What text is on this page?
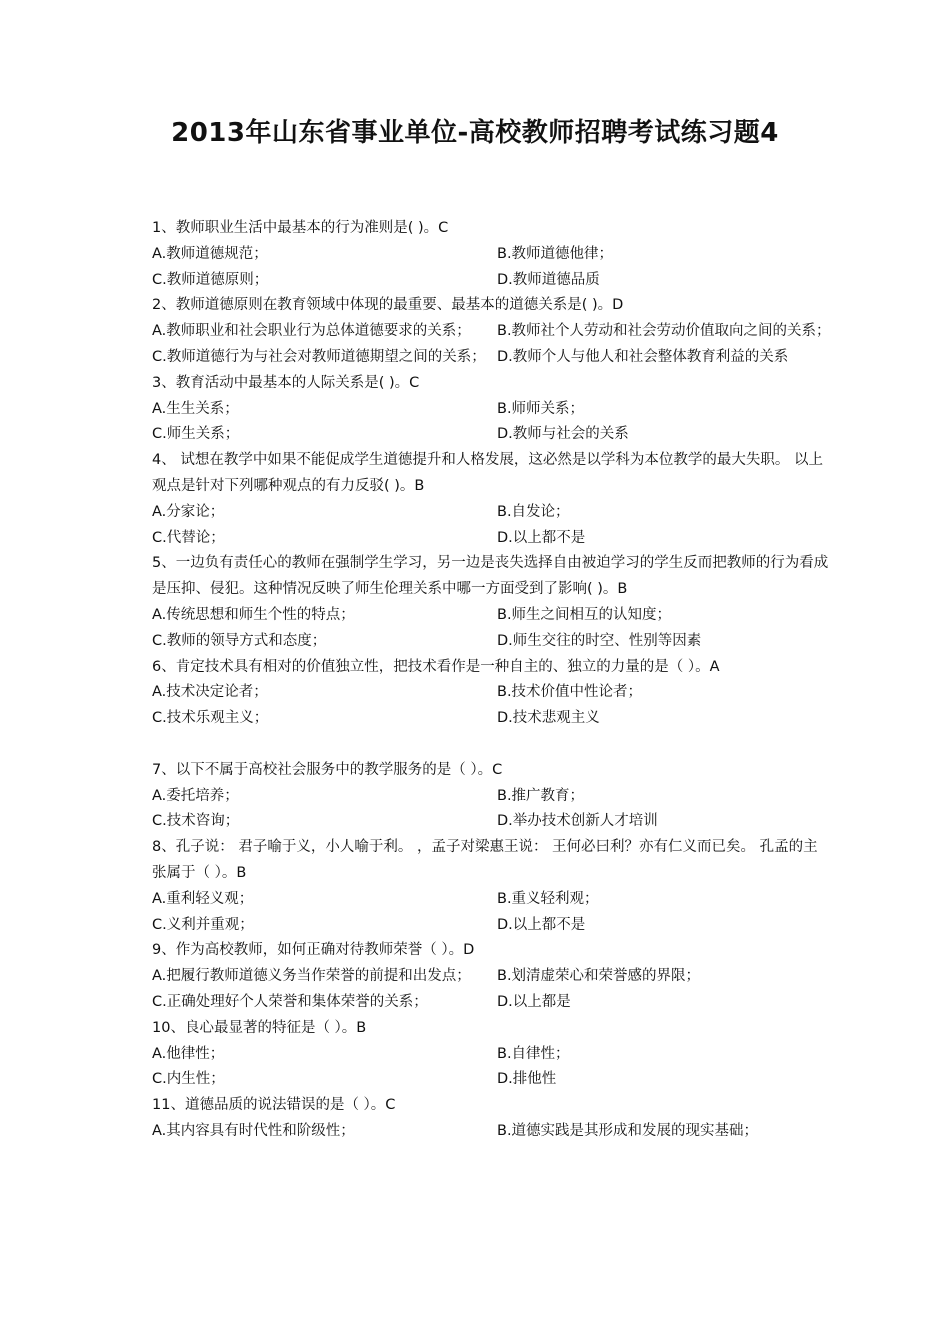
2013年山东省事业单位-高校教师招聘考试练习题4
1、教师职业生活中最基本的行为准则是( )。C
A.教师道德规范；	B.教师道德他律；
C.教师道德原则；	D.教师道德品质
2、教师道德原则在教育领域中体现的最重要、最基本的道德关系是( )。D
A.教师职业和社会职业行为总体道德要求的关系；	B.教师社个人劳动和社会劳动价值取向之间的关系；
C.教师道德行为与社会对教师道德期望之间的关系； D.教师个人与他人和社会整体教育利益的关系
3、教育活动中最基本的人际关系是( )。C
A.生生关系；	B.师师关系；
C.师生关系；	D.教师与社会的关系
4、 试想在教学中如果不能促成学生道德提升和人格发展，这必然是以学科为本位教学的最大失职。 以上观点是针对下列哪种观点的有力反驳( )。B
A.分家论；	B.自发论；
C.代替论；	D.以上都不是
5、一边负有责任心的教师在强制学生学习，另一边是丧失选择自由被迫学习的学生反而把教师的行为看成是压抑、侵犯。这种情况反映了师生伦理关系中哪一方面受到了影响( )。B
A.传统思想和师生个性的特点；	B.师生之间相互的认知度；
C.教师的领导方式和态度；	D.师生交往的时空、性别等因素
6、肯定技术具有相对的价值独立性，把技术看作是一种自主的、独立的力量的是（ ）。A
A.技术决定论者；	B.技术价值中性论者；
C.技术乐观主义；	D.技术悲观主义
7、以下不属于高校社会服务中的教学服务的是（ ）。C
A.委托培养；	B.推广教育；
C.技术咨询；	D.举办技术创新人才培训
8、孔子说： 君子喻于义，小人喻于利。 ，孟子对梁惠王说： 王何必曰利？亦有仁义而已矣。 孔孟的主张属于（ ）。B
A.重利轻义观；	B.重义轻利观；
C.义利并重观；	D.以上都不是
9、作为高校教师，如何正确对待教师荣誉（ ）。D
A.把履行教师道德义务当作荣誉的前提和出发点；	B.划清虚荣心和荣誉感的界限；
C.正确处理好个人荣誉和集体荣誉的关系；	D.以上都是
10、良心最显著的特征是（ ）。B
A.他律性；	B.自律性；
C.内生性；	D.排他性
11、道德品质的说法错误的是（ ）。C
A.其内容具有时代性和阶级性；	B.道德实践是其形成和发展的现实基础；
